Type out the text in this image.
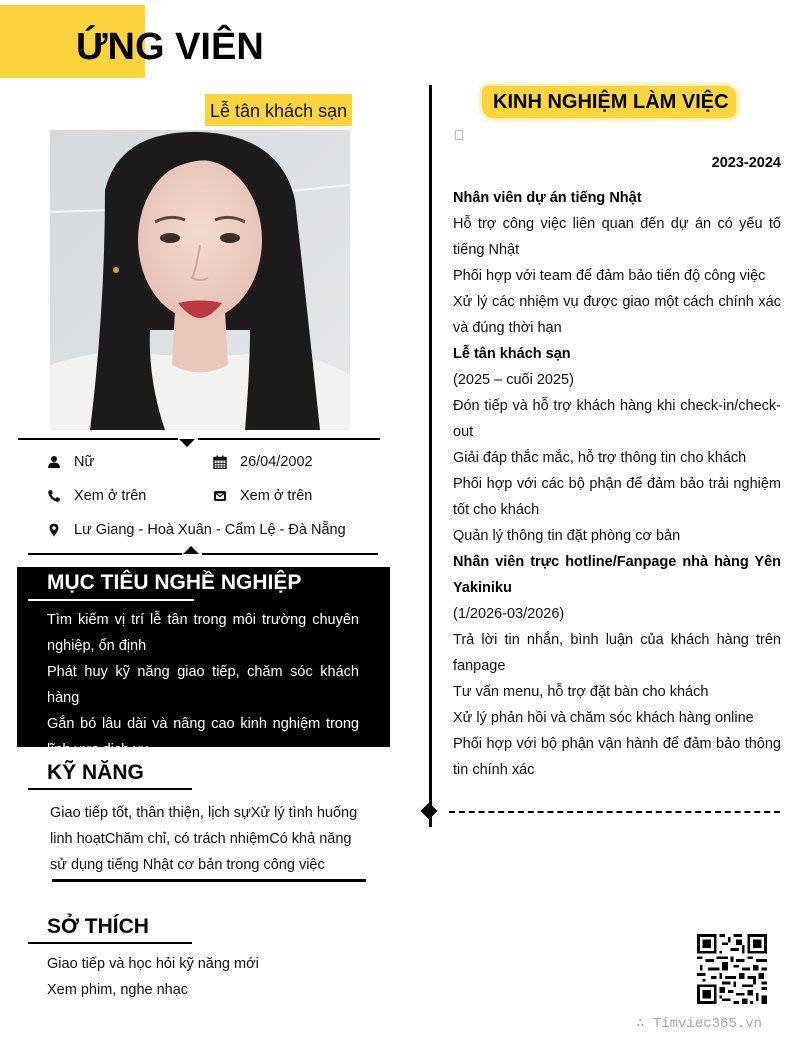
ỨNG VIÊN
Lễ tân khách sạn
Nữ	26/04/2002
Xem ở trên	Xem ở trên
Lư Giang - Hoà Xuân - Cẩm Lệ - Đà Nẵng
MỤC TIÊU NGHỀ NGHIỆP
Tìm kiếm vị trí lễ tân trong môi trường chuyên nghiệp, ổn định
Phát huy kỹ năng giao tiếp, chăm sóc khách hàng
Gắn bó lâu dài và nâng cao kinh nghiệm trong lĩnh vực dịch vụ
KỸ NĂNG
Giao tiếp tốt, thân thiện, lịch sựXử lý tình huống linh hoạtChăm chỉ, có trách nhiệmCó khả năng sử dụng tiếng Nhật cơ bản trong công việc
SỞ THÍCH
Giao tiếp và học hỏi kỹ năng mới
Xem phim, nghe nhạc
KINH NGHIỆM LÀM VIỆC
2023-2024
Nhân viên dự án tiếng Nhật
Hỗ trợ công việc liên quan đến dự án có yếu tố tiếng Nhật
Phối hợp với team để đảm bảo tiến độ công việc
Xử lý các nhiệm vụ được giao một cách chính xác và đúng thời hạn
Lễ tân khách sạn
(2025 – cuối 2025)
Đón tiếp và hỗ trợ khách hàng khi check-in/check-out
Giải đáp thắc mắc, hỗ trợ thông tin cho khách
Phối hợp với các bộ phận để đảm bảo trải nghiệm tốt cho khách
Quản lý thông tin đặt phòng cơ bản
Nhân viên trực hotline/Fanpage nhà hàng Yên Yakiniku
(1/2026-03/2026)
Trả lời tin nhắn, bình luận của khách hàng trên fanpage
Tư vấn menu, hỗ trợ đặt bàn cho khách
Xử lý phản hồi và chăm sóc khách hàng online
Phối hợp với bộ phận vận hành để đảm bảo thông tin chính xác
∴ Timviec365.vn
